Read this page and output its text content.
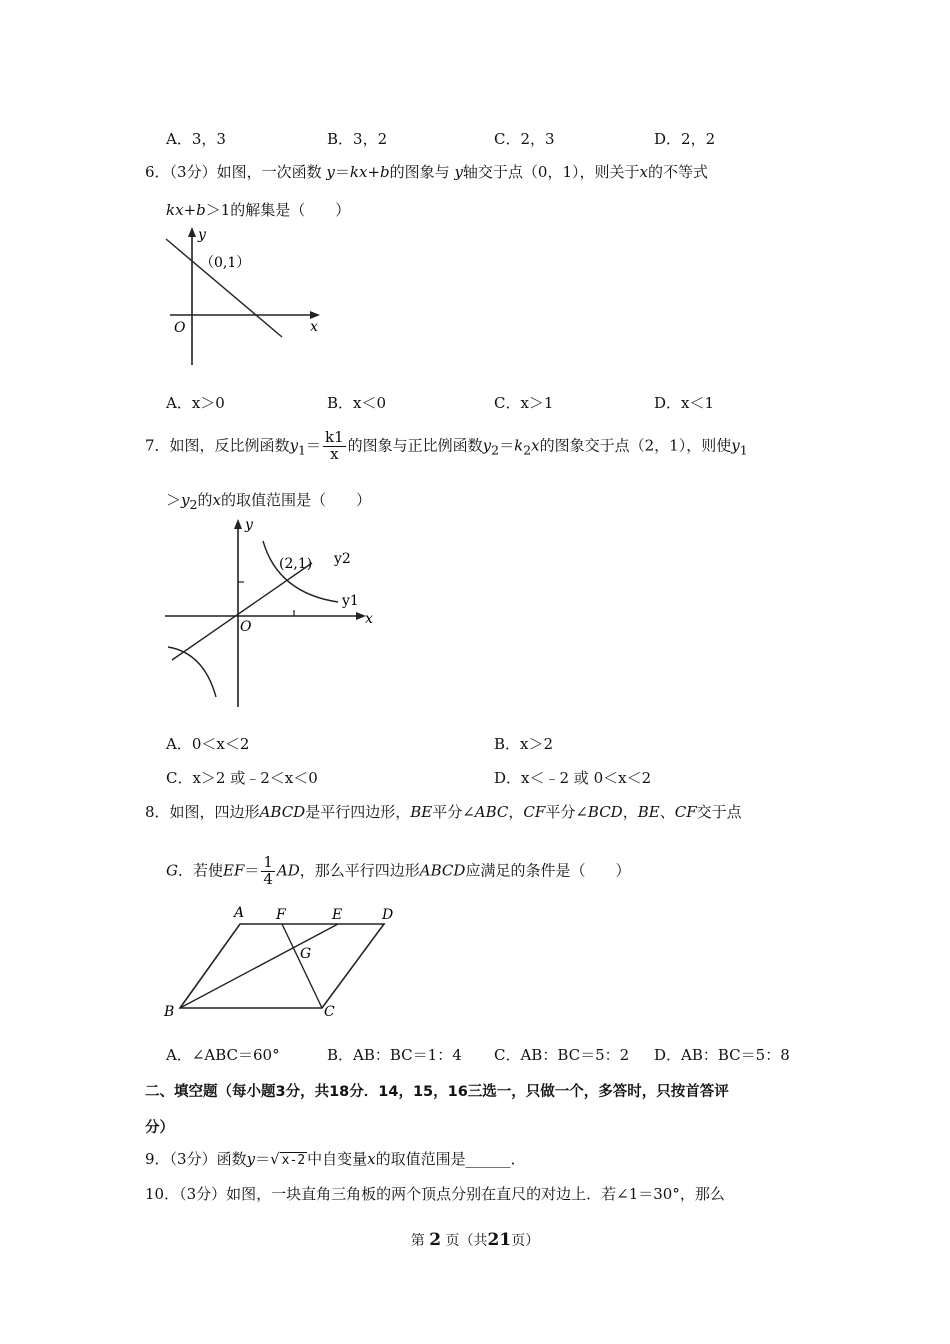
A．3，3	B．3，2	C．2，3	D．2，2
6．（3分）如图，一次函数 y＝kx+b的图象与 y轴交于点（0，1），则关于x的不等式
kx+b＞1的解集是（　　）
y
x
O
（0,1）
A．x＞0	B．x＜0	C．x＞1	D．x＜1
7．如图，反比例函数$y_1= \frac{k1}{x}$ 的图象与正比例函数$y_2=k_2x$的图象交于点（2，1），则使$y_1$
$>y_2$的x的取值范围是（　　）
y
x
O
(2,1) y2
y1
A．0＜x＜2	B．x＞2
C．x＞2 或﹣2＜x＜0	D．x＜﹣2 或 0＜x＜2
8．如图，四边形ABCD是平行四边形，BE平分∠ABC，CF平分∠BCD，BE、CF交于点
G．若使$EF= \frac{1}{4}$ AD，那么平行四边形ABCD应满足的条件是（　　）
A F	E	D
G
B	C
A．∠ABC＝60°	B．AB：BC＝1：4 C．AB：BC＝5：2 D．AB：BC＝5：8
二、填空题（每小题3分，共18分．14，15，16三选一，只做一个，多答时，只按首答评
分）
9．（3分）函数y＝√ x-2 中自变量x的取值范围是______．
10．（3分）如图，一块直角三角板的两个顶点分别在直尺的对边上．若∠1＝30°，那么
第 2 页（共21页）
